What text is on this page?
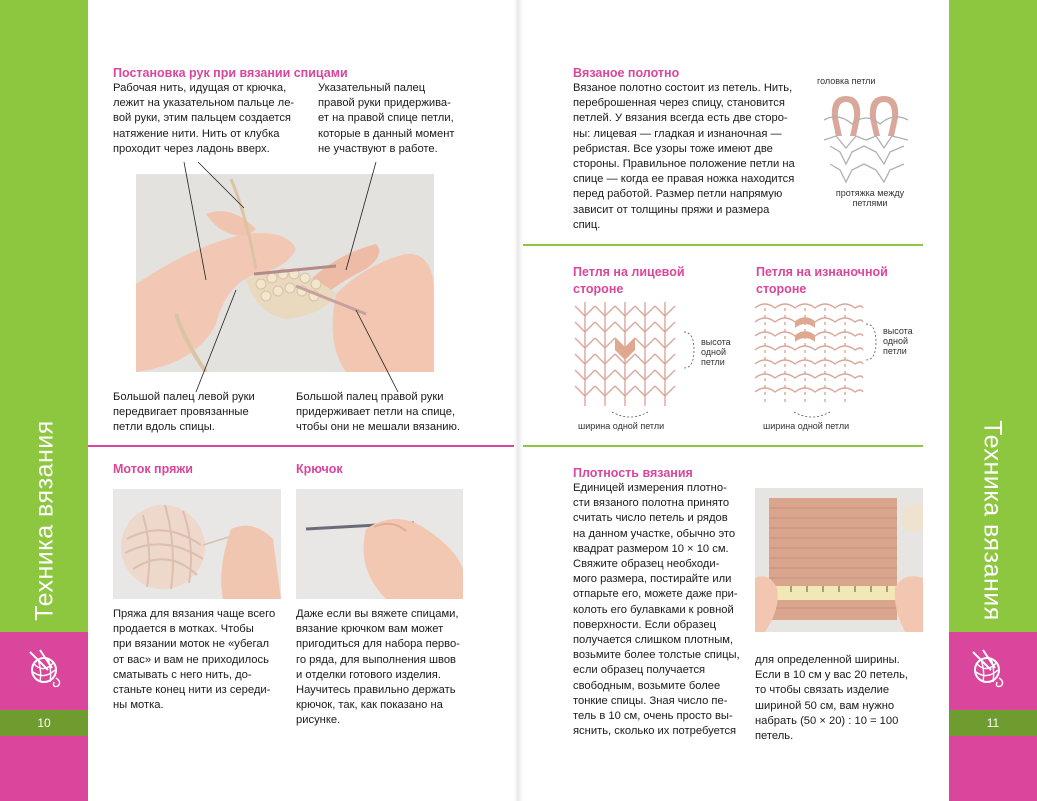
Техника вязания
10
Техника вязания
11
Постановка рук при вязании спицами
Рабочая нить, идущая от крючка,
лежит на указательном пальце ле-
вой руки, этим пальцем создается
натяжение нити. Нить от клубка
проходит через ладонь вверх.
Указательный палец
правой руки придержива-
ет на правой спице петли,
которые в данный момент
не участвуют в работе.
Большой палец левой руки
передвигает провязанные
петли вдоль спицы.
Большой палец правой руки
придерживает петли на спице,
чтобы они не мешали вязанию.
Моток пряжи
Пряжа для вязания чаще всего
продается в мотках. Чтобы
при вязании моток не «убегал
от вас» и вам не приходилось
сматывать с него нить, до-
станьте конец нити из середи-
ны мотка.
Крючок
Даже если вы вяжете спицами,
вязание крючком вам может
пригодиться для набора перво-
го ряда, для выполнения швов
и отделки готового изделия.
Научитесь правильно держать
крючок, так, как показано на
рисунке.
Вязаное полотно
Вязаное полотно состоит из петель. Нить,
переброшенная через спицу, становится
петлей. У вязания всегда есть две сторо-
ны: лицевая — гладкая и изнаночная —
ребристая. Все узоры тоже имеют две
стороны. Правильное положение петли на
спице — когда ее правая ножка находится
перед работой. Размер петли напрямую
зависит от толщины пряжи и размера
спиц.
головка петли
протяжка между
петлями
Петля на лицевой
стороне
высота
одной
петли
ширина одной петли
Петля на изнаночной
стороне
высота
одной
петли
ширина одной петли
Плотность вязания
Единицей измерения плотно-
сти вязаного полотна принято
считать число петель и рядов
на данном участке, обычно это
квадрат размером 10 × 10 см.
Свяжите образец необходи-
мого размера, постирайте или
отпарьте его, можете даже при-
колоть его булавками к ровной
поверхности. Если образец
получается слишком плотным,
возьмите более толстые спицы,
если образец получается
свободным, возьмите более
тонкие спицы. Зная число пе-
тель в 10 см, очень просто вы-
яснить, сколько их потребуется
для определенной ширины.
Если в 10 см у вас 20 петель,
то чтобы связать изделие
шириной 50 см, вам нужно
набрать (50 × 20) : 10 = 100
петель.
